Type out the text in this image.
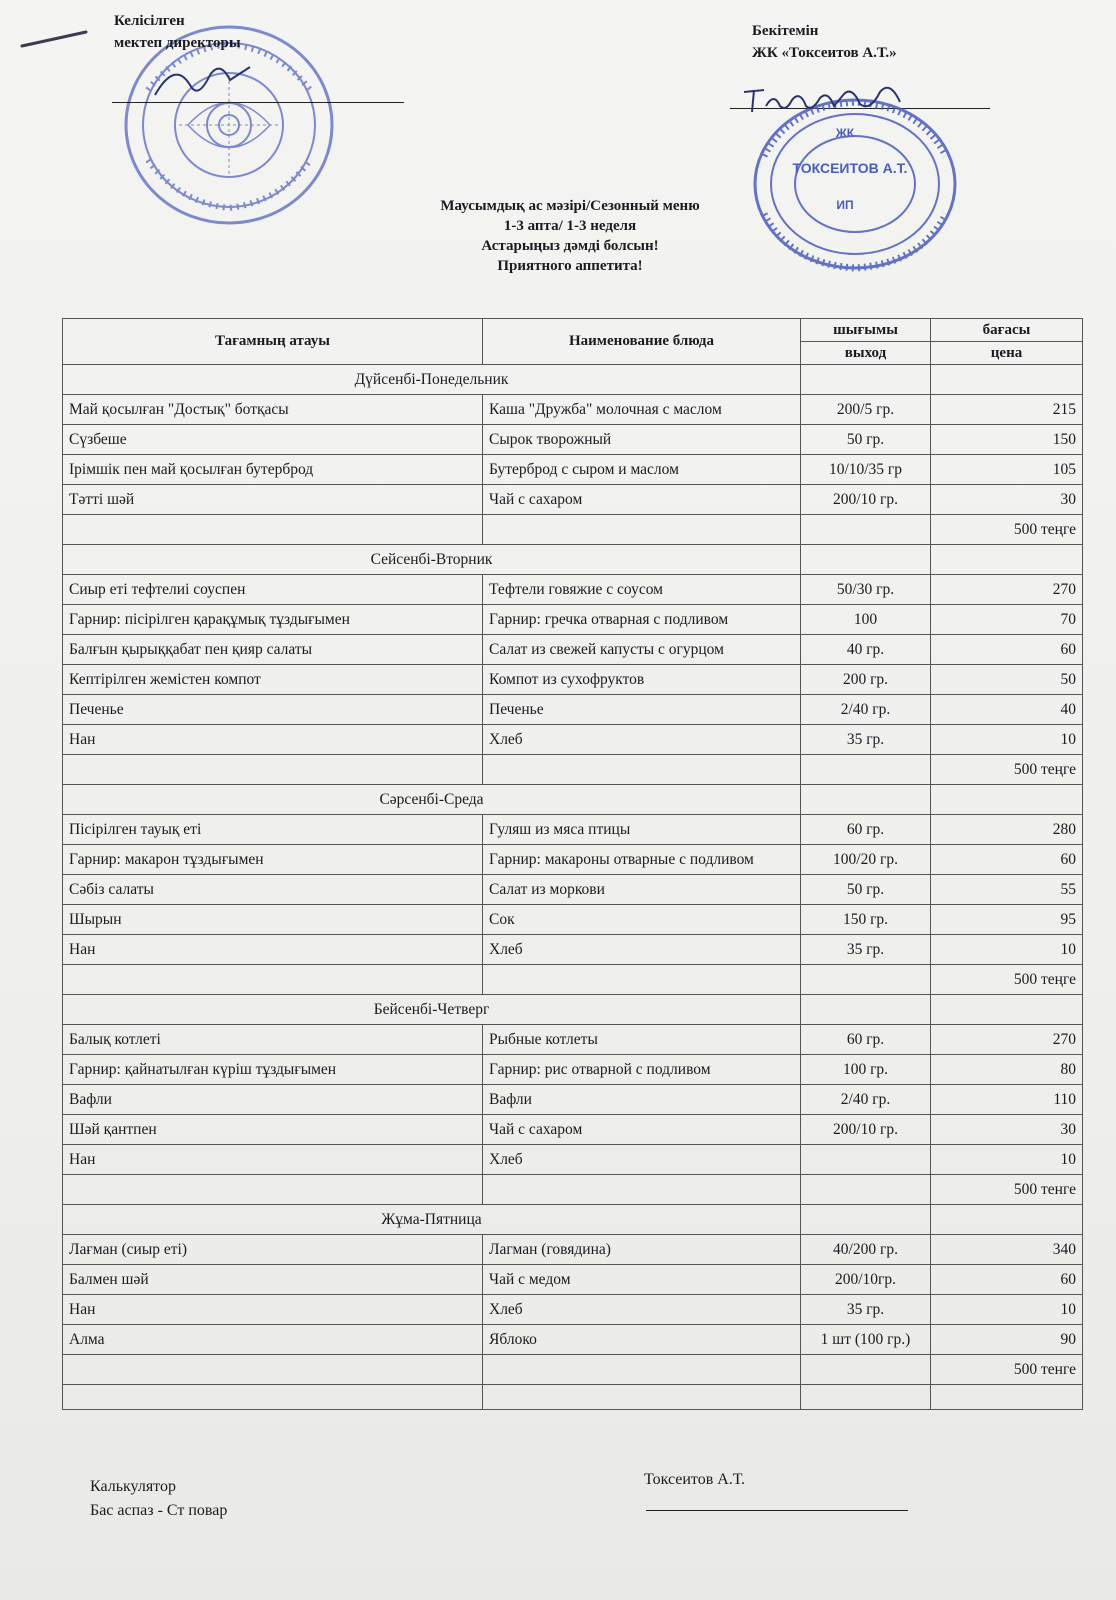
Келісілген
мектеп директоры
Бекітемін
ЖК «Токсеитов А.Т.»
ЖК
ТОКСЕИТОВ А.Т.
ИП
Маусымдық ас мәзірі/Сезонный меню
1-3 апта/ 1-3 неделя
Астарыңыз дәмді болсын!
Приятного аппетита!
Тағамның атауы	Наименование блюда	шығымы	бағасы
		выход	цена
Дүйсенбі-Понедельник			
Май қосылған "Достық" ботқасы	Каша "Дружба" молочная с маслом	200/5 гр.	215
Сүзбеше	Сырок творожный	50 гр.	150
Ірімшік пен май қосылған бутерброд	Бутерброд с сыром и маслом	10/10/35 гр	105
Тәтті шәй	Чай с сахаром	200/10 гр.	30
			500 теңге
Сейсенбі-Вторник			
Сиыр еті тефтелиі соуспен	Тефтели говяжие с соусом	50/30 гр.	270
Гарнир: пісірілген қарақұмық тұздығымен	Гарнир: гречка отварная с подливом	100	70
Балғын қырыққабат пен қияр салаты	Салат из свежей капусты с огурцом	40 гр.	60
Кептірілген жемістен компот	Компот из сухофруктов	200 гр.	50
Печенье	Печенье	2/40 гр.	40
Нан	Хлеб	35 гр.	10
			500 теңге
Сәрсенбі-Среда			
Пісірілген тауық еті	Гуляш из мяса птицы	60 гр.	280
Гарнир: макарон тұздығымен	Гарнир: макароны отварные с подливом	100/20 гр.	60
Сәбіз салаты	Салат из моркови	50 гр.	55
Шырын	Сок	150 гр.	95
Нан	Хлеб	35 гр.	10
			500 теңге
Бейсенбі-Четверг			
Балық котлеті	Рыбные котлеты	60 гр.	270
Гарнир: қайнатылған күріш тұздығымен	Гарнир: рис отварной с подливом	100 гр.	80
Вафли	Вафли	2/40 гр.	110
Шәй қантпен	Чай с сахаром	200/10 гр.	30
Нан	Хлеб		10
			500 тенге
Жұма-Пятница			
Лағман (сиыр еті)	Лагман (говядина)	40/200 гр.	340
Балмен шәй	Чай с медом	200/10гр.	60
Нан	Хлеб	35 гр.	10
Алма	Яблоко	1 шт (100 гр.)	90
			500 тенге

Калькулятор
Бас аспаз - Ст повар
Токсеитов А.Т.
